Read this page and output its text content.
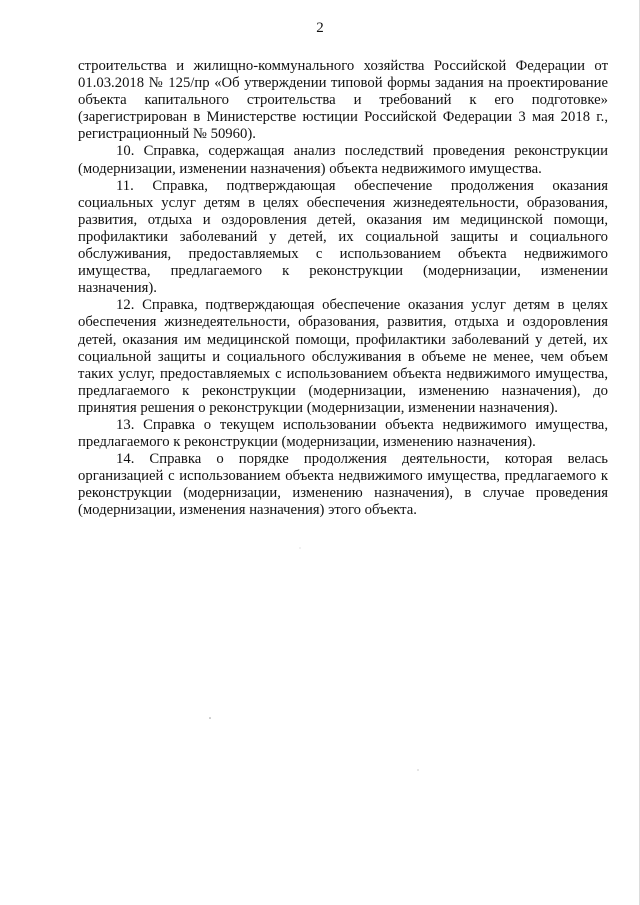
2

строительства и жилищно-коммунального хозяйства Российской Федерации от 01.03.2018 № 125/пр «Об утверждении типовой формы задания на проектирование объекта капитального строительства и требований к его подготовке» (зарегистрирован в Министерстве юстиции Российской Федерации 3 мая 2018 г., регистрационный № 50960).

10. Справка, содержащая анализ последствий проведения реконструкции (модернизации, изменении назначения) объекта недвижимого имущества.

11. Справка, подтверждающая обеспечение продолжения оказания социальных услуг детям в целях обеспечения жизнедеятельности, образования, развития, отдыха и оздоровления детей, оказания им медицинской помощи, профилактики заболеваний у детей, их социальной защиты и социального обслуживания, предоставляемых с использованием объекта недвижимого имущества, предлагаемого к реконструкции (модернизации, изменении назначения).

12. Справка, подтверждающая обеспечение оказания услуг детям в целях обеспечения жизнедеятельности, образования, развития, отдыха и оздоровления детей, оказания им медицинской помощи, профилактики заболеваний у детей, их социальной защиты и социального обслуживания в объеме не менее, чем объем таких услуг, предоставляемых с использованием объекта недвижимого имущества, предлагаемого к реконструкции (модернизации, изменению назначения), до принятия решения о реконструкции (модернизации, изменении назначения).

13. Справка о текущем использовании объекта недвижимого имущества, предлагаемого к реконструкции (модернизации, изменению назначения).

14. Справка о порядке продолжения деятельности, которая велась организацией с использованием объекта недвижимого имущества, предлагаемого к реконструкции (модернизации, изменению назначения), в случае проведения (модернизации, изменения назначения) этого объекта.
